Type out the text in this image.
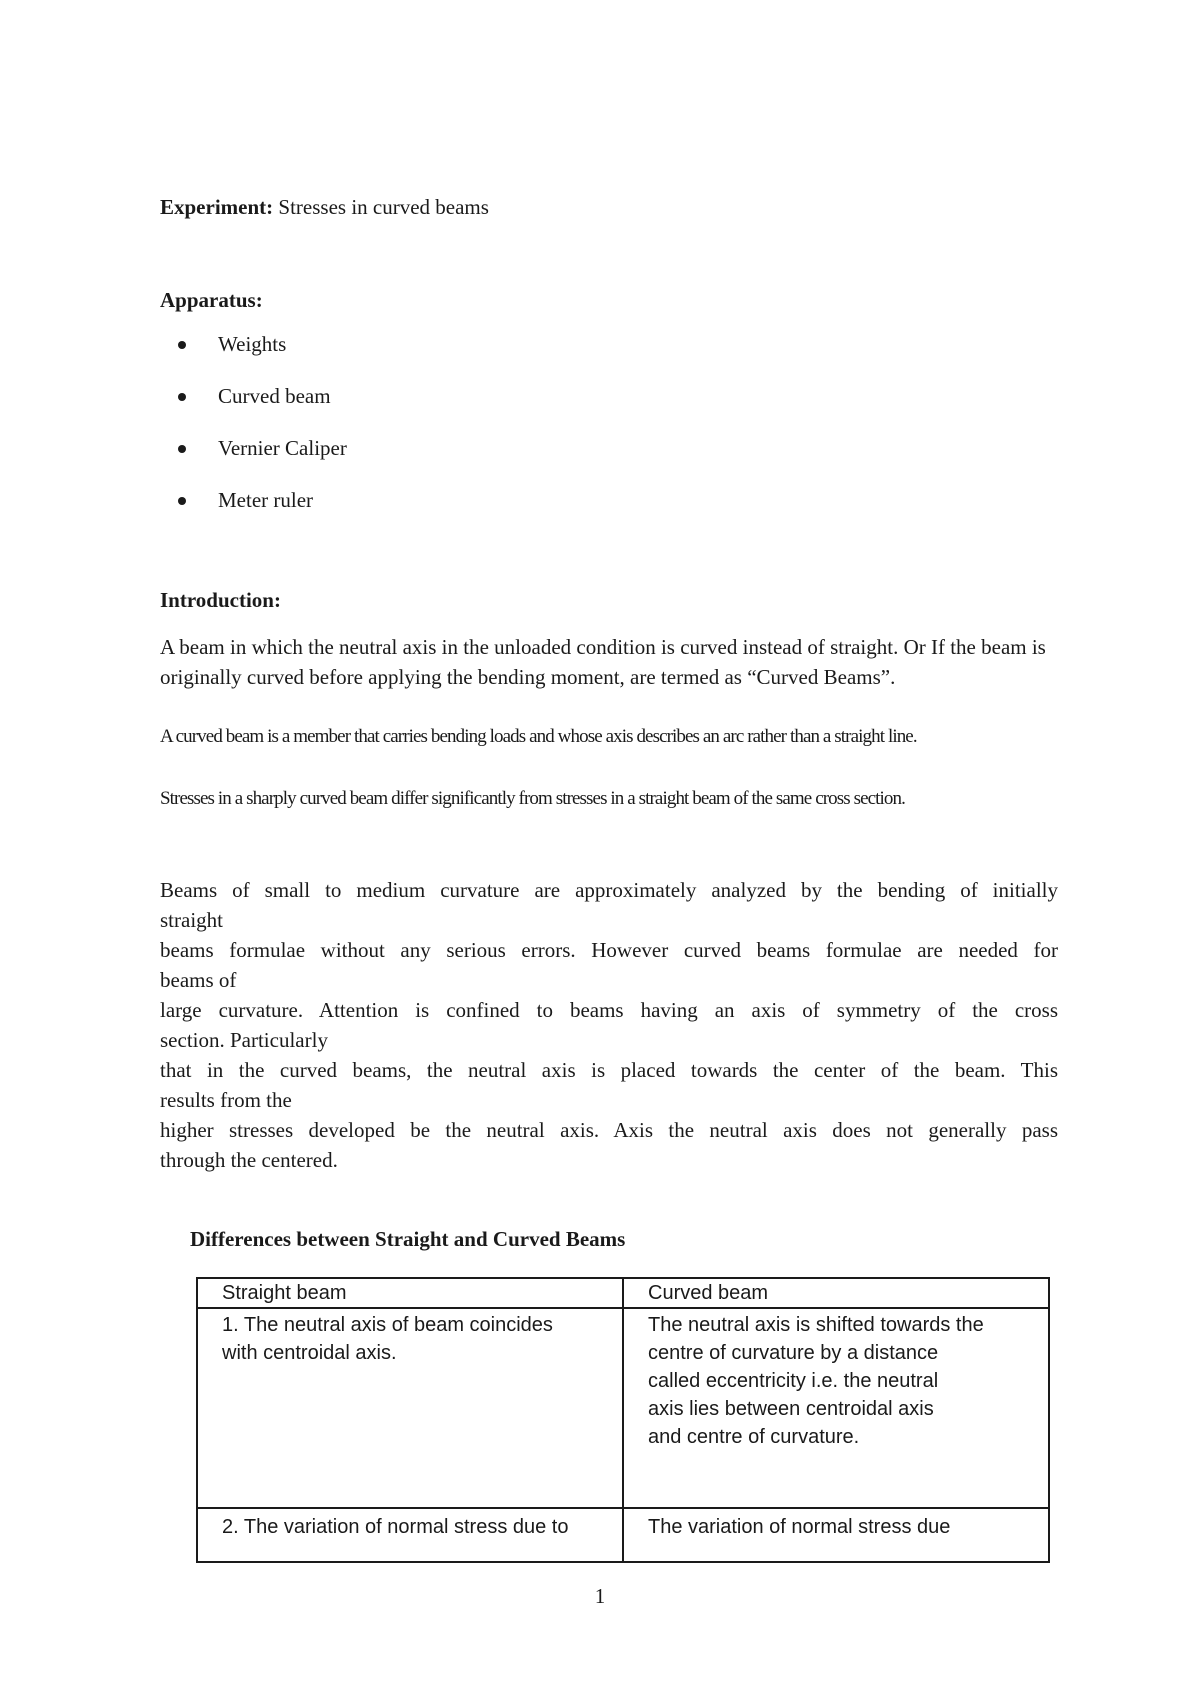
Experiment: Stresses in curved beams
Apparatus:
Weights
Curved beam
Vernier Caliper
Meter ruler
Introduction:

A beam in which the neutral axis in the unloaded condition is curved instead of straight. Or If the beam is originally curved before applying the bending moment, are termed as “Curved Beams”.

A curved beam is a member that carries bending loads and whose axis describes an arc rather than a straight line.

Stresses in a sharply curved beam differ significantly from stresses in a straight beam of the same cross section.

Beams of small to medium curvature are approximately analyzed by the bending of initially
straight
beams formulae without any serious errors. However curved beams formulae are needed for
beams of
large curvature. Attention is confined to beams having an axis of symmetry of the cross
section. Particularly
that in the curved beams, the neutral axis is placed towards the center of the beam. This
results from the
higher stresses developed be the neutral axis. Axis the neutral axis does not generally pass
through the centered.

Differences between Straight and Curved Beams
Straight beam	Curved beam

1. The neutral axis of beam coincides
with centroidal axis.	The neutral axis is shifted towards the
centre of curvature by a distance
called eccentricity i.e. the neutral
axis lies between centroidal axis
and centre of curvature.

2. The variation of normal stress due to	The variation of normal stress due
1
